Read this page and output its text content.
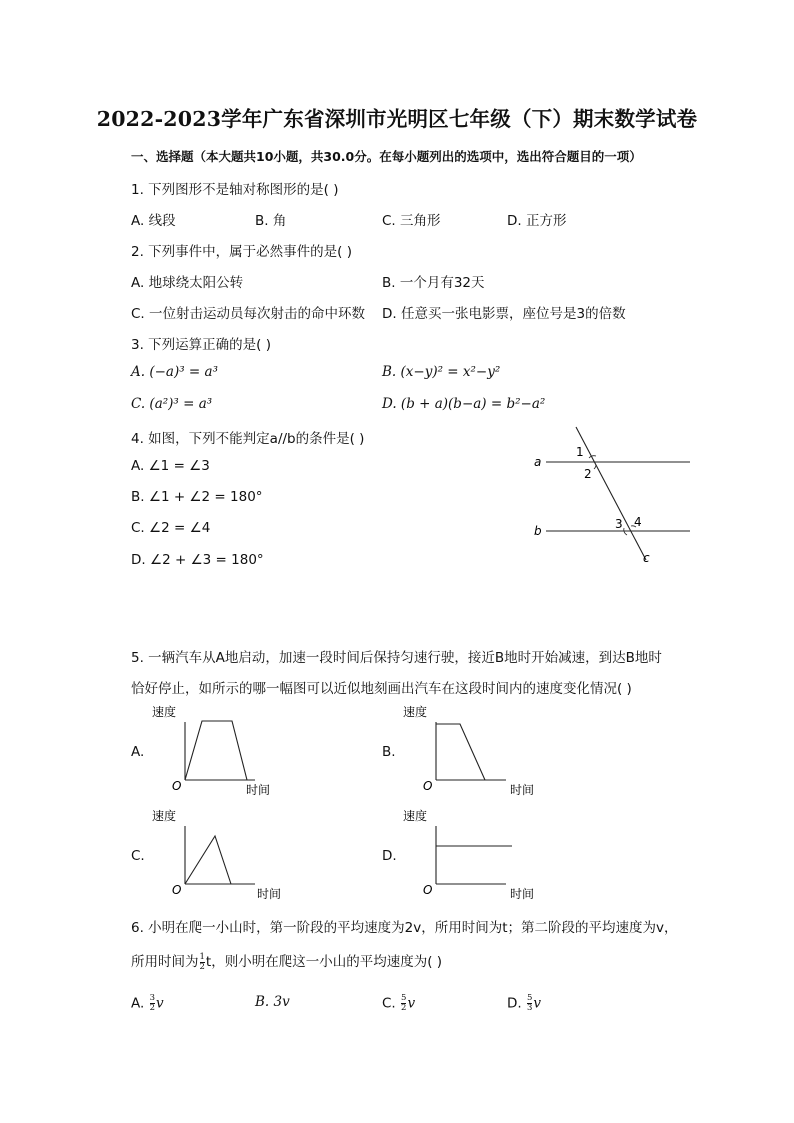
2022-2023学年广东省深圳市光明区七年级（下）期末数学试卷
一、选择题（本大题共10小题，共30.0分。在每小题列出的选项中，选出符合题目的一项）
1. 下列图形不是轴对称图形的是( )
A. 线段	B. 角	C. 三角形	D. 正方形
2. 下列事件中，属于必然事件的是( )
A. 地球绕太阳公转	B. 一个月有32天
C. 一位射击运动员每次射击的命中环数 D. 任意买一张电影票，座位号是3的倍数
3. 下列运算正确的是( )
A. (−a)³ = a³	B. (x−y)² = x²−y²
C. (a²)³ = a³	D. (b + a)(b−a) = b²−a²
4. 如图，下列不能判定a//b的条件是( )
A. ∠1 = ∠3
B. ∠1 + ∠2 = 180°
C. ∠2 = ∠4
D. ∠2 + ∠3 = 180°
a
b
c
1
2
3 4
5. 一辆汽车从A地启动，加速一段时间后保持匀速行驶，接近B地时开始减速，到达B地时
恰好停止，如所示的哪一幅图可以近似地刻画出汽车在这段时间内的速度变化情况( )
A.
速度
O	时间
B.
速度
O	时间
C.
速度
O	时间
D.
速度
O	时间
6. 小明在爬一小山时，第一阶段的平均速度为2v，所用时间为t；第二阶段的平均速度为v，
所用时间为 $\frac{1}{2}$ t，则小明在爬这一小山的平均速度为( )
A. $\frac{3}{2}$ v	B. 3v	C. $\frac{5}{2}$ v	D. $\frac{5}{3}$ v
